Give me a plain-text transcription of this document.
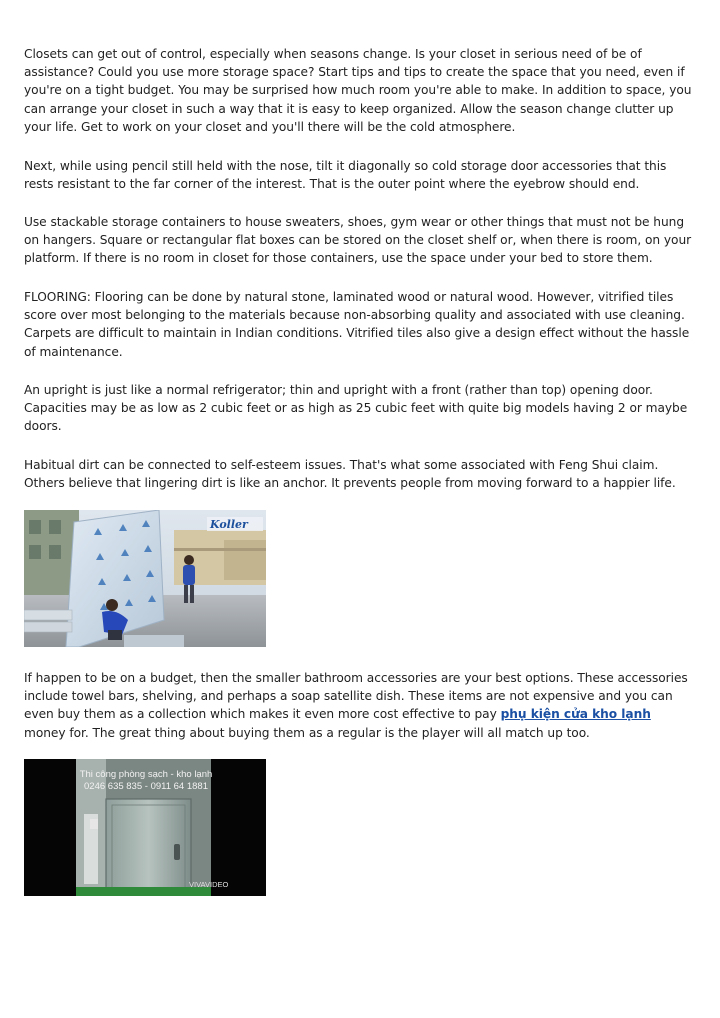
Closets can get out of control, especially when seasons change. Is your closet in serious need of be of assistance? Could you use more storage space? Start tips and tips to create the space that you need, even if you're on a tight budget. You may be surprised how much room you're able to make. In addition to space, you can arrange your closet in such a way that it is easy to keep organized. Allow the season change clutter up your life. Get to work on your closet and you'll there will be the cold atmosphere.

Next, while using pencil still held with the nose, tilt it diagonally so cold storage door accessories that this rests resistant to the far corner of the interest. That is the outer point where the eyebrow should end.

Use stackable storage containers to house sweaters, shoes, gym wear or other things that must not be hung on hangers. Square or rectangular flat boxes can be stored on the closet shelf or, when there is room, on your platform. If there is no room in closet for those containers, use the space under your bed to store them.

FLOORING: Flooring can be done by natural stone, laminated wood or natural wood. However, vitrified tiles score over most belonging to the materials because non-absorbing quality and associated with use cleaning. Carpets are difficult to maintain in Indian conditions. Vitrified tiles also give a design effect without the hassle of maintenance.

An upright is just like a normal refrigerator; thin and upright with a front (rather than top) opening door. Capacities may be as low as 2 cubic feet or as high as 25 cubic feet with quite big models having 2 or maybe doors.

Habitual dirt can be connected to self-esteem issues. That's what some associated with Feng Shui claim. Others believe that lingering dirt is like an anchor. It prevents people from moving forward to a happier life.

Koller

If happen to be on a budget, then the smaller bathroom accessories are your best options. These accessories include towel bars, shelving, and perhaps a soap satellite dish. These items are not expensive and you can even buy them as a collection which makes it even more cost effective to pay phụ kiện cửa kho lạnh money for. The great thing about buying them as a regular is the player will all match up too.

Thi công phòng sạch - kho lạnh
0246 635 835 - 0911 64 1881
VIVAVIDEO
